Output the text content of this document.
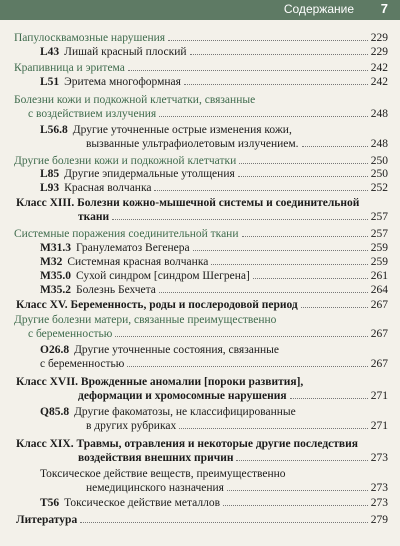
Содержание 7
Папулосквамозные нарушения	229
L43 Лишай красный плоский	229
Крапивница и эритема	242
L51 Эритема многоформная	242
Болезни кожи и подкожной клетчатки, связанные
с воздействием излучения	248
L56.8 Другие уточненные острые изменения кожи,
вызванные ультрафиолетовым излучением.	248
Другие болезни кожи и подкожной клетчатки	250
L85 Другие эпидермальные утолщения	250
L93 Красная волчанка	252
Класс XIII. Болезни кожно-мышечной системы и соединительной
ткани	257
Системные поражения соединительной ткани	257
M31.3 Гранулематоз Вегенера	259
M32 Системная красная волчанка	259
M35.0 Сухой синдром [синдром Шегрена]	261
M35.2 Болезнь Бехчета	264
Класс XV. Беременность, роды и послеродовой период	267
Другие болезни матери, связанные преимущественно
с беременностью	267
O26.8 Другие уточненные состояния, связанные
с беременностью	267
Класс XVII. Врожденные аномалии [пороки развития],
деформации и хромосомные нарушения	271
Q85.8 Другие факоматозы, не классифицированные
в других рубриках	271
Класс XIX. Травмы, отравления и некоторые другие последствия
воздействия внешних причин	273
Токсическое действие веществ, преимущественно
немедицинского назначения	273
T56 Токсическое действие металлов	273
Литература	279
